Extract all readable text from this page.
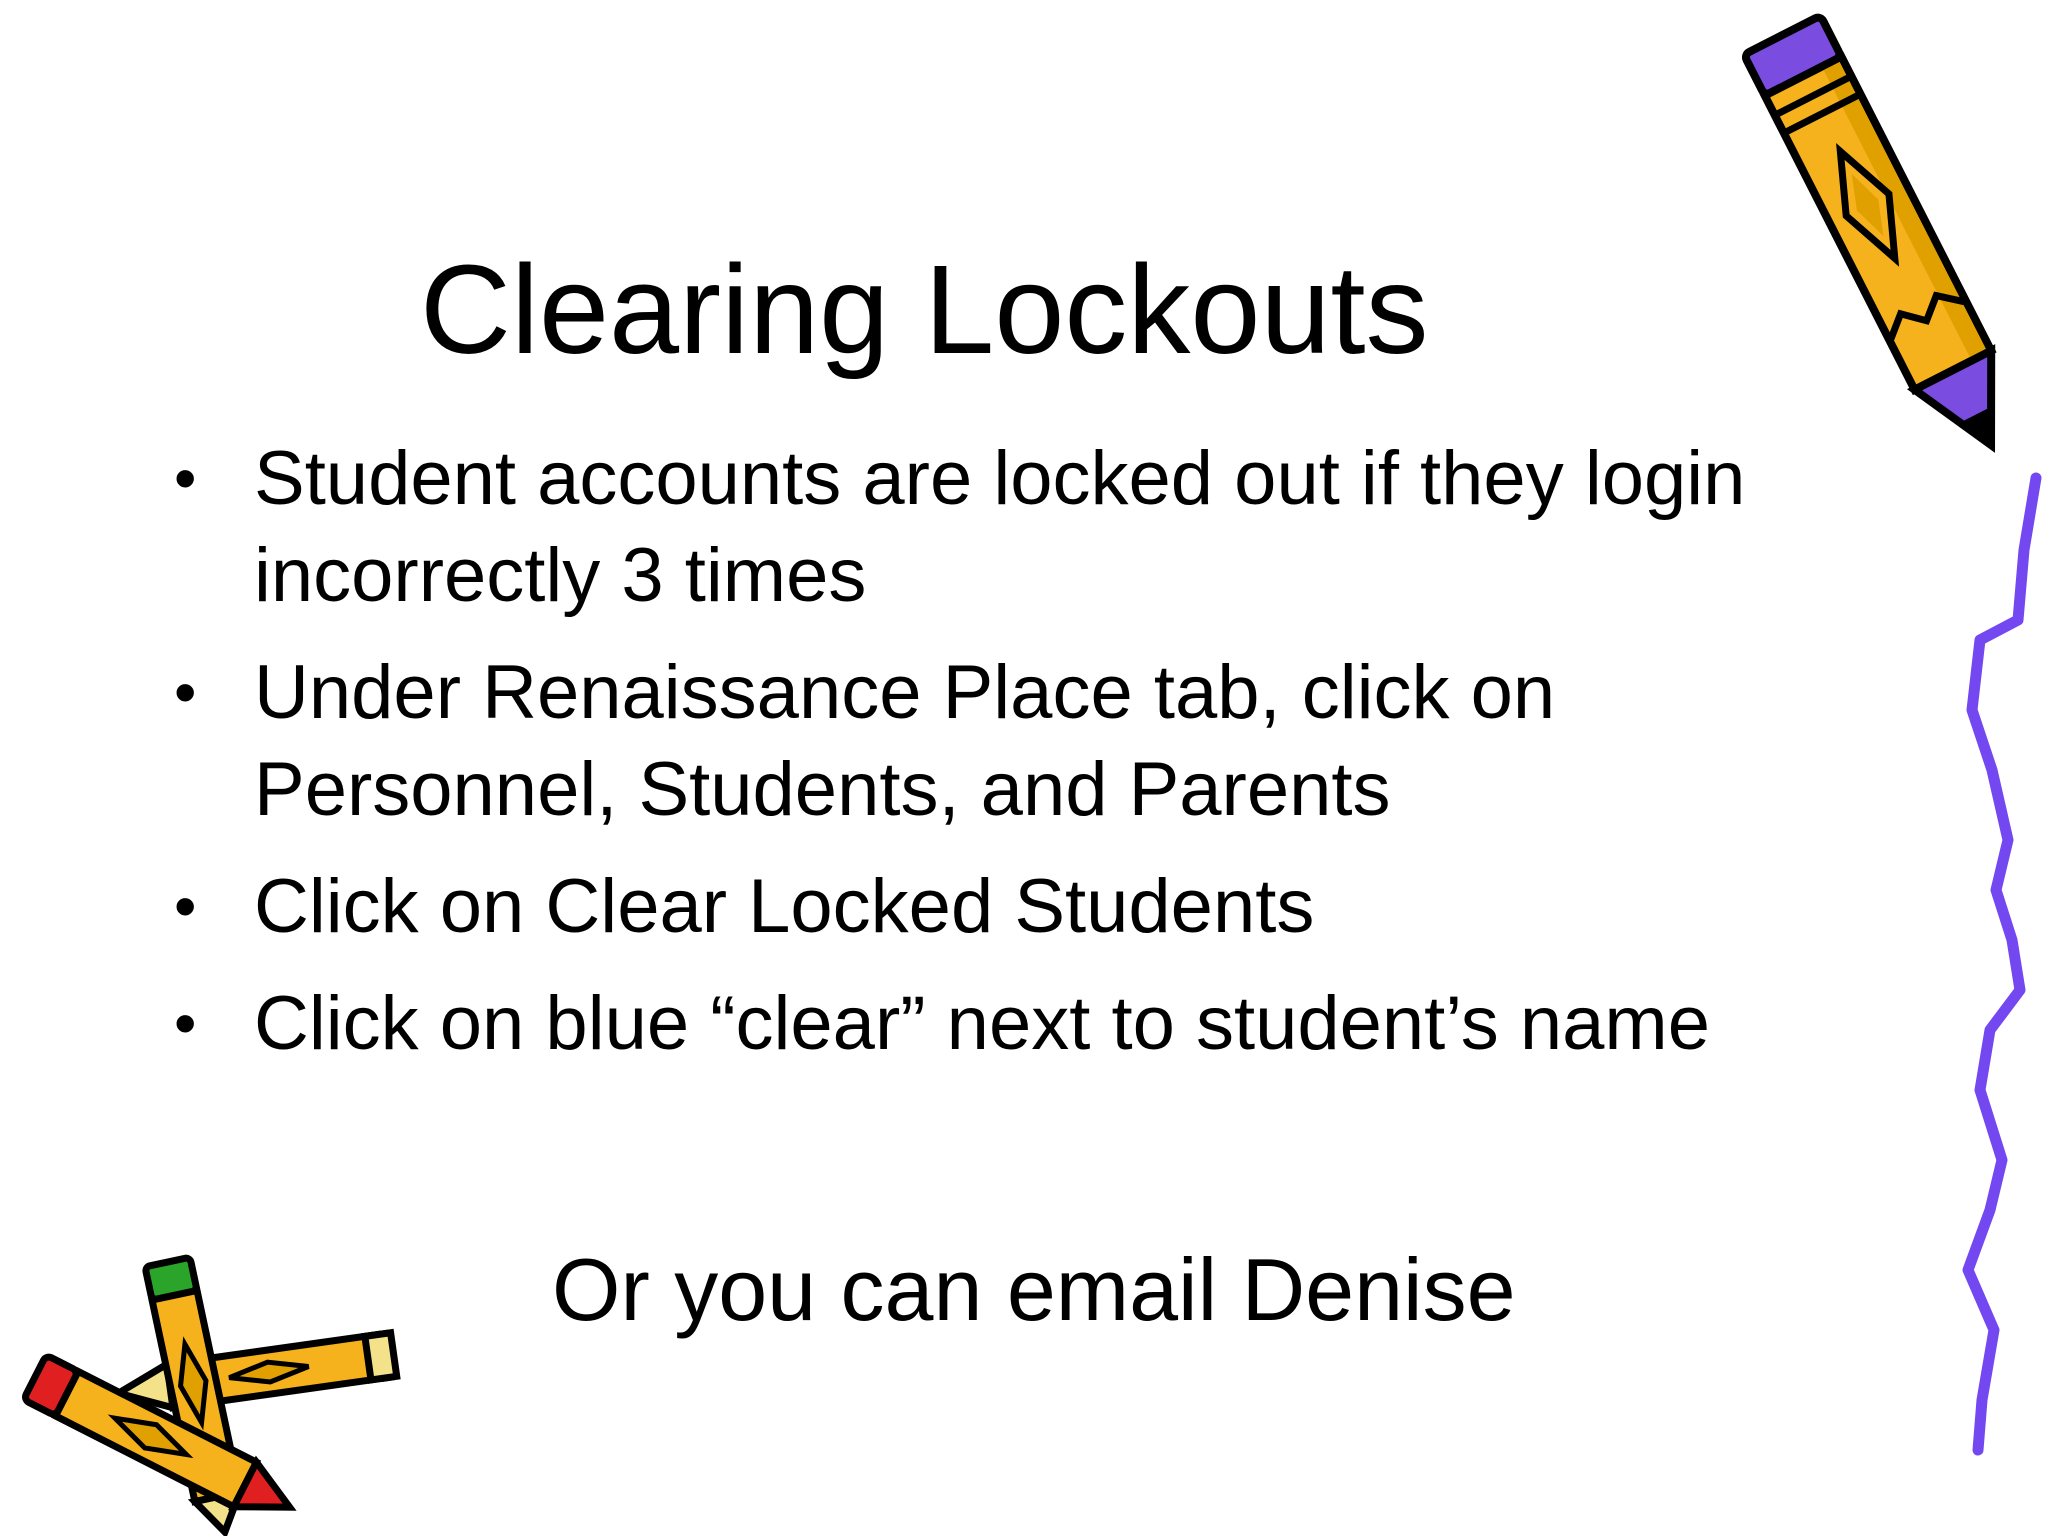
Clearing Lockouts
• Student accounts are locked out if they login incorrectly 3 times
• Under Renaissance Place tab, click on Personnel, Students, and Parents
• Click on Clear Locked Students
• Click on blue “clear” next to student’s name
Or you can email Denise
